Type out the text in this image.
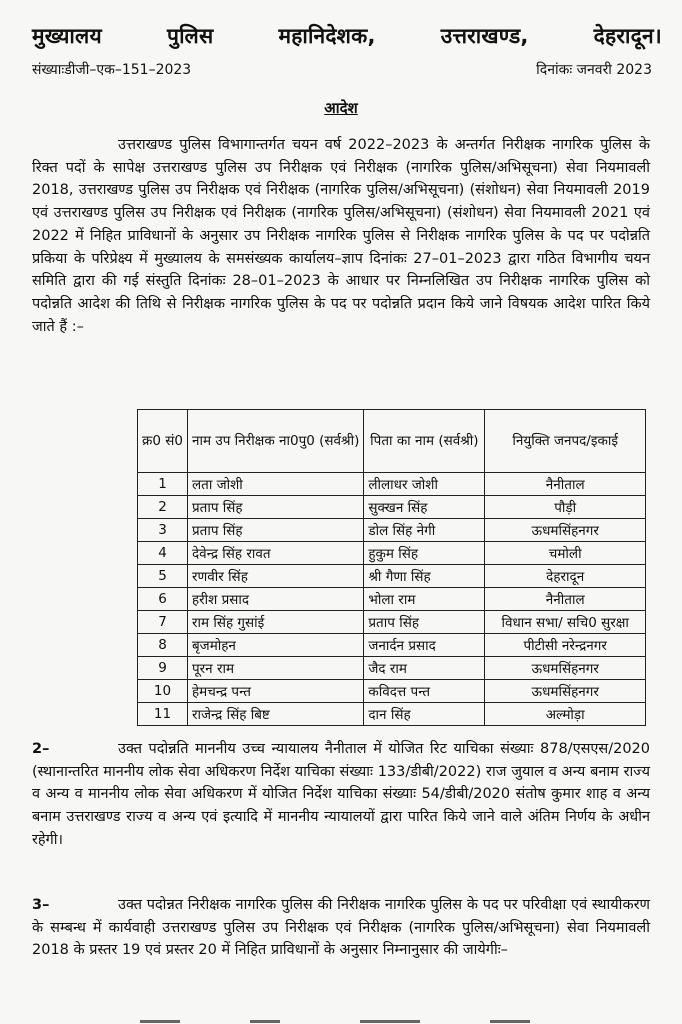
मुख्यालय	पुलिस	महानिदेशक,	उत्तराखण्ड,	देहरादून।
संख्याःडीजी–एक–151–2023	दिनांकः जनवरी 2023
आदेश
उत्तराखण्ड पुलिस विभागान्तर्गत चयन वर्ष 2022–2023 के अन्तर्गत निरीक्षक नागरिक पुलिस के रिक्त पदों के सापेक्ष उत्तराखण्ड पुलिस उप निरीक्षक एवं निरीक्षक (नागरिक पुलिस/अभिसूचना) सेवा नियमावली 2018, उत्तराखण्ड पुलिस उप निरीक्षक एवं निरीक्षक (नागरिक पुलिस/अभिसूचना) (संशोधन) सेवा नियमावली 2019 एवं उत्तराखण्ड पुलिस उप निरीक्षक एवं निरीक्षक (नागरिक पुलिस/अभिसूचना) (संशोधन) सेवा नियमावली 2021 एवं 2022 में निहित प्राविधानों के अनुसार उप निरीक्षक नागरिक पुलिस से निरीक्षक नागरिक पुलिस के पद पर पदोन्नति प्रकिया के परिप्रेक्ष्य में मुख्यालय के समसंख्यक कार्यालय–ज्ञाप दिनांकः 27–01–2023 द्वारा गठित विभागीय चयन समिति द्वारा की गई संस्तुति दिनांकः 28–01–2023 के आधार पर निम्नलिखित उप निरीक्षक नागरिक पुलिस को पदोन्नति आदेश की तिथि से निरीक्षक नागरिक पुलिस के पद पर पदोन्नति प्रदान किये जाने विषयक आदेश पारित किये जाते हैं :–
क्र0 सं0	नाम उप निरीक्षक ना0पु0 (सर्वश्री)	पिता का नाम (सर्वश्री)	नियुक्ति जनपद/इकाई
1	लता जोशी	लीलाधर जोशी	नैनीताल
2	प्रताप सिंह	सुक्खन सिंह	पौड़ी
3	प्रताप सिंह	डोल सिंह नेगी	ऊधमसिंहनगर
4	देवेन्द्र सिंह रावत	हुकुम सिंह	चमोली
5	रणवीर सिंह	श्री गैणा सिंह	देहरादून
6	हरीश प्रसाद	भोला राम	नैनीताल
7	राम सिंह गुसांई	प्रताप सिंह	विधान सभा/ सचि0 सुरक्षा
8	बृजमोहन	जनार्दन प्रसाद	पीटीसी नरेन्द्रनगर
9	पूरन राम	जैद राम	ऊधमसिंहनगर
10	हेमचन्द्र पन्त	कविदत्त पन्त	ऊधमसिंहनगर
11	राजेन्द्र सिंह बिष्ट	दान सिंह	अल्मोड़ा
2–	उक्त पदोन्नति माननीय उच्च न्यायालय नैनीताल में योजित रिट याचिका संख्याः 878/एसएस/2020 (स्थानान्तरित माननीय लोक सेवा अधिकरण निर्देश याचिका संख्याः 133/डीबी/2022) राज जुयाल व अन्य बनाम राज्य व अन्य व माननीय लोक सेवा अधिकरण में योजित निर्देश याचिका संख्याः 54/डीबी/2020 संतोष कुमार शाह व अन्य बनाम उत्तराखण्ड राज्य व अन्य एवं इत्यादि में माननीय न्यायालयों द्वारा पारित किये जाने वाले अंतिम निर्णय के अधीन रहेगी।
3–	उक्त पदोन्नत निरीक्षक नागरिक पुलिस की निरीक्षक नागरिक पुलिस के पद पर परिवीक्षा एवं स्थायीकरण के सम्बन्ध में कार्यवाही उत्तराखण्ड पुलिस उप निरीक्षक एवं निरीक्षक (नागरिक पुलिस/अभिसूचना) सेवा नियमावली 2018 के प्रस्तर 19 एवं प्रस्तर 20 में निहित प्राविधानों के अनुसार निम्नानुसार की जायेगीः–
